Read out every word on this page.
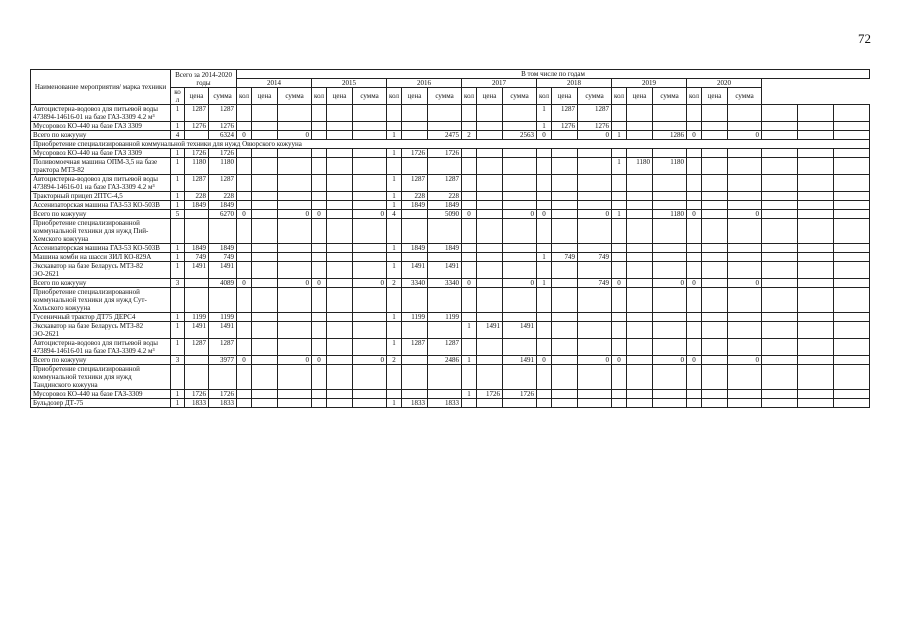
72
Наименование мероприятия/ марка техники	Всего за 2014-2020 годы			В том числе по годам																							
				2014			2015			2016			2017			2018			2019			2020					
	кол	цена	сумма	кол	цена	сумма	кол	цена	сумма	кол	цена	сумма	кол	цена	сумма	кол	цена	сумма	кол	цена	сумма	кол	цена	сумма			
Автоцистерна-водовоз для питьевой воды 473894-14616-01 на базе ГАЗ-3309 4.2 м³	1	1287	1287													1	1287	1287									
Мусоровоз КО-440 на базе ГАЗ 3309	1	1276	1276													1	1276	1276									
Всего по кожууну	4		6324	0		0				1		2475	2		2563	0		0	1		1286	0		0			
Приобретение специализированной коммунальной техники для нужд Овюрского кожууна																											
Мусоровоз КО-440 на базе ГАЗ 3309	1	1726	1726							1	1726	1726															
Поливомоечная машина ОПМ-3,5 на базе трактора МТЗ-82	1	1180	1180																1	1180	1180						
Автоцистерна-водовоз для питьевой воды 473894-14616-01 на базе ГАЗ-3309 4.2 м³	1	1287	1287							1	1287	1287															
Тракторный прицеп 2ПТС-4,5	1	228	228							1	228	228															
Ассенизаторская машина ГАЗ-53 КО-503В	1	1849	1849							1	1849	1849															
Всего по кожууну	5		6270	0		0	0		0	4		5090	0		0	0		0	1		1180	0		0			
Приобретение специализированной коммунальной техники для нужд Пий-Хемского кожууна																											
Ассенизаторская машина ГАЗ-53 КО-503В	1	1849	1849							1	1849	1849															
Машина комби на шасси ЗИЛ КО-829А	1	749	749													1	749	749									
Экскаватор на базе Беларусь МТЗ-82 ЭО-2621	1	1491	1491							1	1491	1491															
Всего по кожууну	3		4089	0		0	0		0	2	3340	3340	0		0	1		749	0		0	0		0			
Приобретение специализированной коммунальной техники для нужд Сут-Хольского кожууна																											
Гусеничный трактор ДТ75 ДЕРС4	1	1199	1199							1	1199	1199															
Экскаватор на базе Беларусь МТЗ-82 ЭО-2621	1	1491	1491										1	1491	1491												
Автоцистерна-водовоз для питьевой воды 473894-14616-01 на базе ГАЗ-3309 4.2 м³	1	1287	1287							1	1287	1287															
Всего по кожууну	3		3977	0		0	0		0	2		2486	1		1491	0		0	0		0	0		0			
Приобретение специализированной коммунальной техники для нужд Тандинского кожууна																											
Мусоровоз КО-440 на базе ГАЗ-3309	1	1726	1726										1	1726	1726												
Бульдозер ДТ-75	1	1833	1833							1	1833	1833															
